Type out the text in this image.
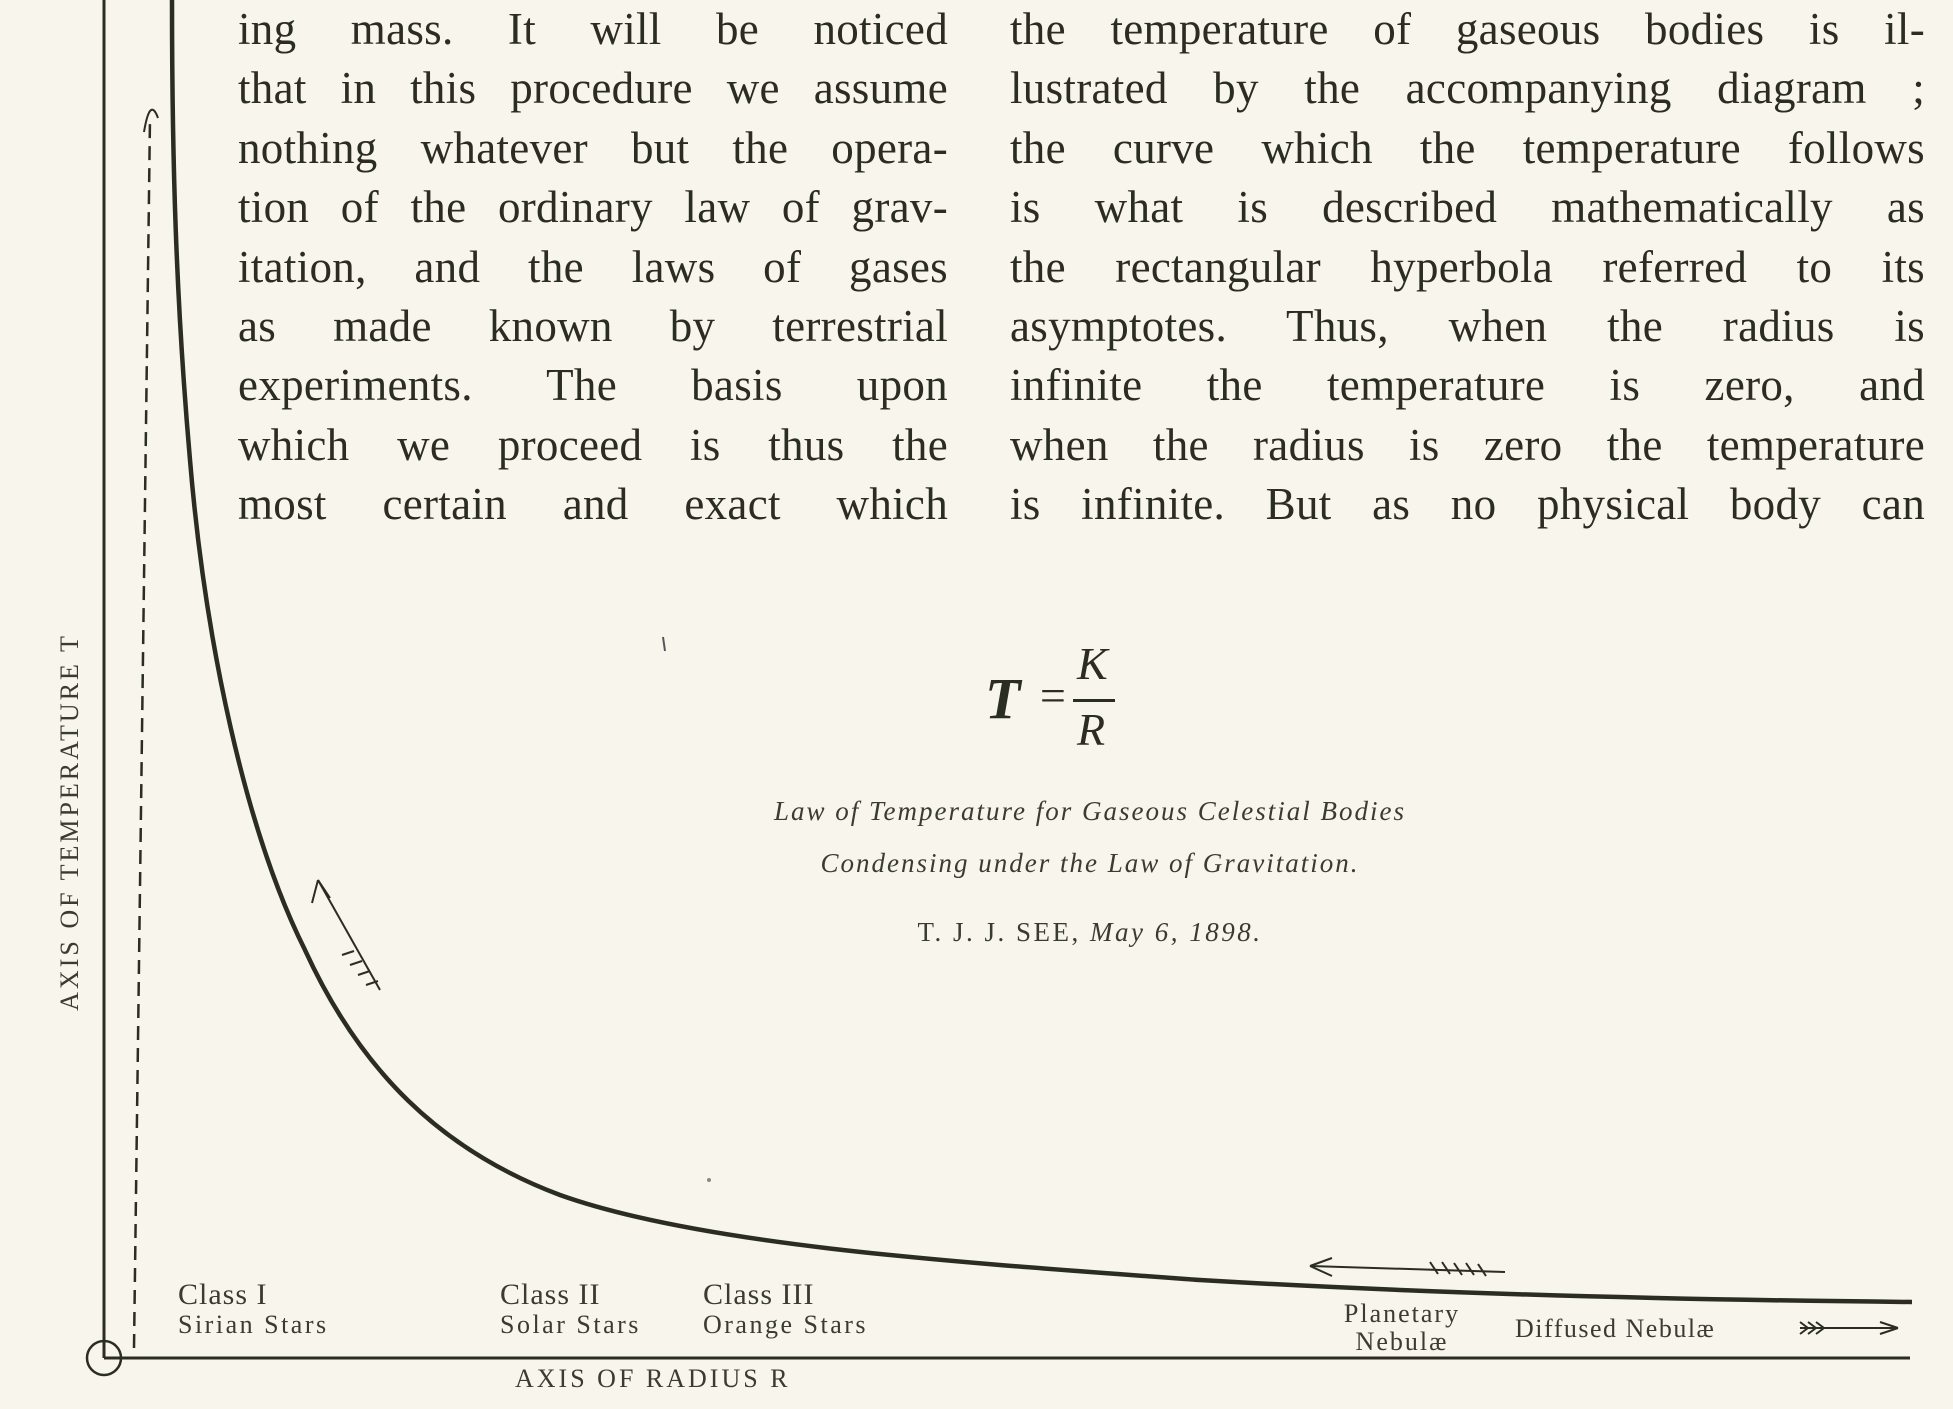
ing mass. It will be noticed
that in this procedure we assume
nothing whatever but the opera-
tion of the ordinary law of grav-
itation, and the laws of gases
as made known by terrestrial
experiments. The basis upon
which we proceed is thus the
most certain and exact which
the temperature of gaseous bodies is il-
lustrated by the accompanying diagram ;
the curve which the temperature follows
is what is described mathematically as
the rectangular hyperbola referred to its
asymptotes. Thus, when the radius is
infinite the temperature is zero, and
when the radius is zero the temperature
is infinite. But as no physical body can
T =
K
R
Law of Temperature for Gaseous Celestial Bodies
Condensing under the Law of Gravitation.
T. J. J. SEE, May 6, 1898.
AXIS OF TEMPERATURE T
AXIS OF RADIUS R
Class I
Sirian Stars
Class II
Solar Stars
Class III
Orange Stars	Planetary
Nebulæ	Diffused Nebulæ
